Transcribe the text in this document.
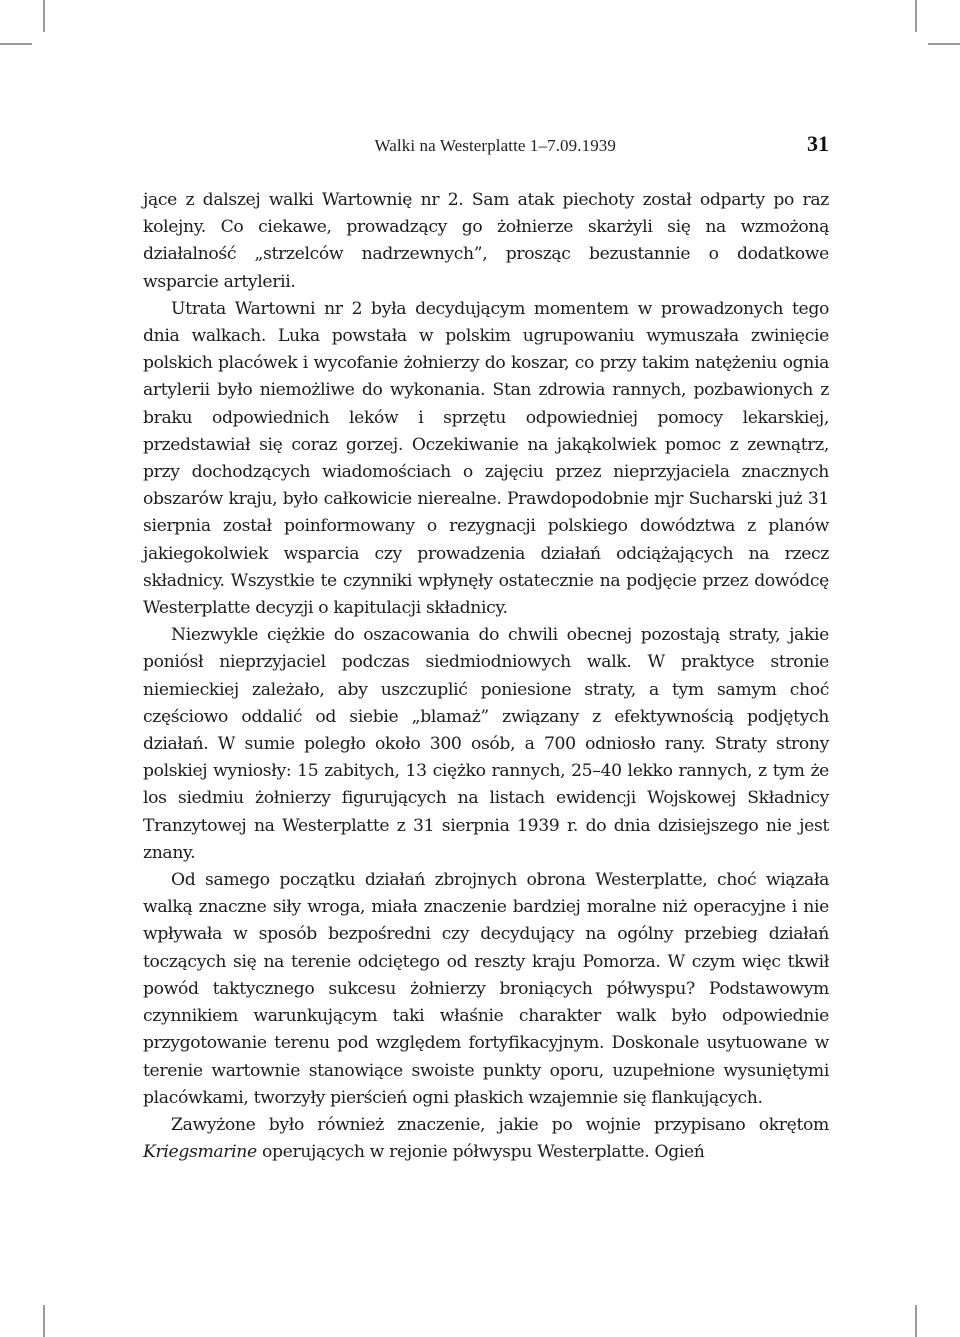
Walki na Westerplatte 1–7.09.1939	31

jące z dalszej walki Wartownię nr 2. Sam atak piechoty został odparty po raz kolejny. Co ciekawe, prowadzący go żołnierze skarżyli się na wzmożoną działalność „strzelców nadrzewnych”, prosząc bezustannie o dodatkowe wsparcie artylerii.

Utrata Wartowni nr 2 była decydującym momentem w prowadzonych tego dnia walkach. Luka powstała w polskim ugrupowaniu wymuszała zwinięcie polskich placówek i wycofanie żołnierzy do koszar, co przy takim natężeniu ognia artylerii było niemożliwe do wykonania. Stan zdrowia rannych, pozbawionych z braku odpowiednich leków i sprzętu odpowiedniej pomocy lekarskiej, przedstawiał się coraz gorzej. Oczekiwanie na jakąkolwiek pomoc z zewnątrz, przy dochodzących wiadomościach o zajęciu przez nieprzyjaciela znacznych obszarów kraju, było całkowicie nierealne. Prawdopodobnie mjr Sucharski już 31 sierpnia został poinformowany o rezygnacji polskiego dowództwa z planów jakiegokolwiek wsparcia czy prowadzenia działań odciążających na rzecz składnicy. Wszystkie te czynniki wpłynęły ostatecznie na podjęcie przez dowódcę Westerplatte decyzji o kapitulacji składnicy.

Niezwykle ciężkie do oszacowania do chwili obecnej pozostają straty, jakie poniósł nieprzyjaciel podczas siedmiodniowych walk. W praktyce stronie niemieckiej zależało, aby uszczuplić poniesione straty, a tym samym choć częściowo oddalić od siebie „blamaż” związany z efektywnością podjętych działań. W sumie poległo około 300 osób, a 700 odniosło rany. Straty strony polskiej wyniosły: 15 zabitych, 13 ciężko rannych, 25–40 lekko rannych, z tym że los siedmiu żołnierzy figurujących na listach ewidencji Wojskowej Składnicy Tranzytowej na Westerplatte z 31 sierpnia 1939 r. do dnia dzisiejszego nie jest znany.

Od samego początku działań zbrojnych obrona Westerplatte, choć wiązała walką znaczne siły wroga, miała znaczenie bardziej moralne niż operacyjne i nie wpływała w sposób bezpośredni czy decydujący na ogólny przebieg działań toczących się na terenie odciętego od reszty kraju Pomorza. W czym więc tkwił powód taktycznego sukcesu żołnierzy broniących półwyspu? Podstawowym czynnikiem warunkującym taki właśnie charakter walk było odpowiednie przygotowanie terenu pod względem fortyfikacyjnym. Doskonale usytuowane w terenie wartownie stanowiące swoiste punkty oporu, uzupełnione wysuniętymi placówkami, tworzyły pierścień ogni płaskich wzajemnie się flankujących.

Zawyżone było również znaczenie, jakie po wojnie przypisano okrętom Kriegsmarine operujących w rejonie półwyspu Westerplatte. Ogień
